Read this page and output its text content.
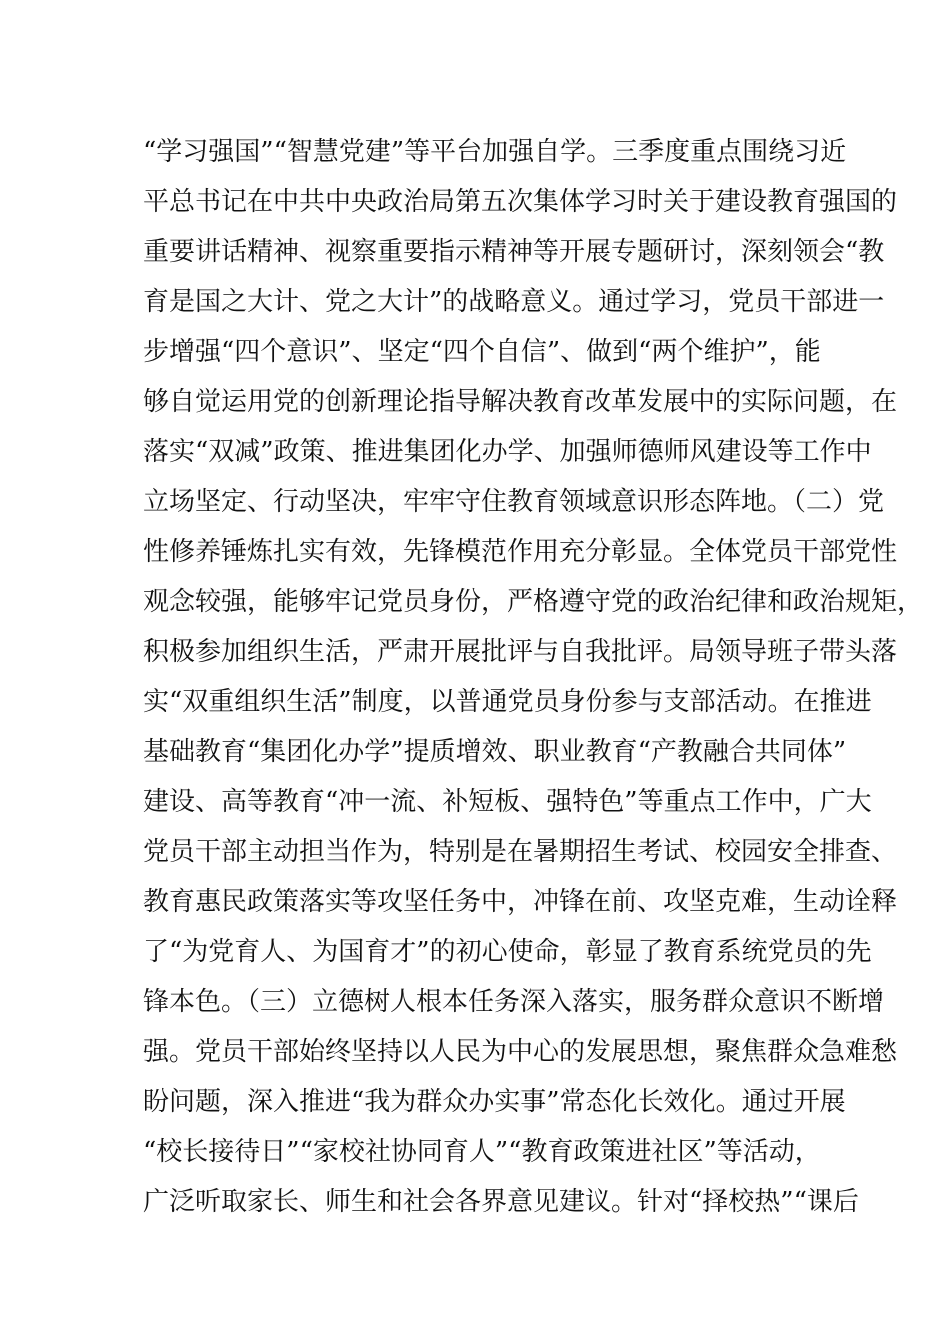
“学习强国”“智慧党建”等平台加强自学。三季度重点围绕习近
平总书记在中共中央政治局第五次集体学习时关于建设教育强国的
重要讲话精神、视察重要指示精神等开展专题研讨，深刻领会“教
育是国之大计、党之大计”的战略意义。通过学习，党员干部进一
步增强“四个意识”、坚定“四个自信”、做到“两个维护”，能
够自觉运用党的创新理论指导解决教育改革发展中的实际问题，在
落实“双减”政策、推进集团化办学、加强师德师风建设等工作中
立场坚定、行动坚决，牢牢守住教育领域意识形态阵地。（二）党
性修养锤炼扎实有效，先锋模范作用充分彰显。全体党员干部党性
观念较强，能够牢记党员身份，严格遵守党的政治纪律和政治规矩，
积极参加组织生活，严肃开展批评与自我批评。局领导班子带头落
实“双重组织生活”制度，以普通党员身份参与支部活动。在推进
基础教育“集团化办学”提质增效、职业教育“产教融合共同体”
建设、高等教育“冲一流、补短板、强特色”等重点工作中，广大
党员干部主动担当作为，特别是在暑期招生考试、校园安全排查、
教育惠民政策落实等攻坚任务中，冲锋在前、攻坚克难，生动诠释
了“为党育人、为国育才”的初心使命，彰显了教育系统党员的先
锋本色。（三）立德树人根本任务深入落实，服务群众意识不断增
强。党员干部始终坚持以人民为中心的发展思想，聚焦群众急难愁
盼问题，深入推进“我为群众办实事”常态化长效化。通过开展
“校长接待日”“家校社协同育人”“教育政策进社区”等活动，
广泛听取家长、师生和社会各界意见建议。针对“择校热”“课后
